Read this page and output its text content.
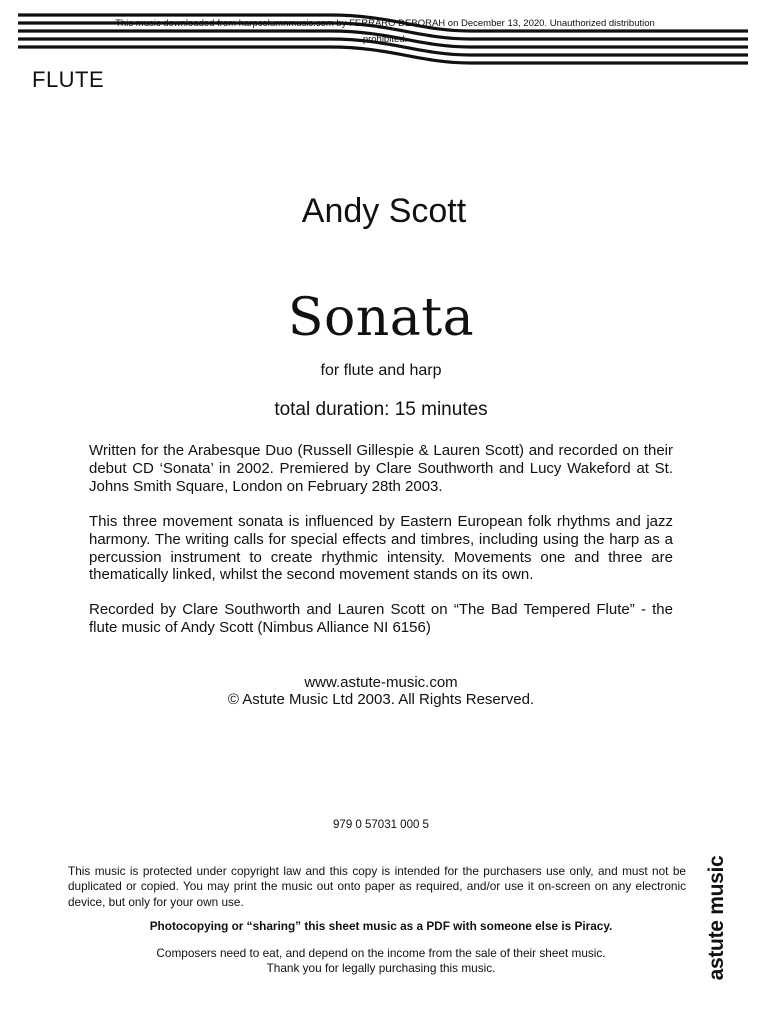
This music downloaded from harpcolumnmusic.com by FERRARO DEBORAH on December 13, 2020. Unauthorized distribution
prohibited.
FLUTE
Andy Scott
Sonata
for flute and harp
total duration: 15 minutes
Written for the Arabesque Duo (Russell Gillespie & Lauren Scott) and recorded on their debut CD ‘Sonata’ in 2002. Premiered by Clare Southworth and Lucy Wakeford at St. Johns Smith Square, London on February 28th 2003.
This three movement sonata is influenced by Eastern European folk rhythms and jazz harmony. The writing calls for special effects and timbres, including using the harp as a percussion instrument to create rhythmic intensity. Movements one and three are thematically linked, whilst the second movement stands on its own.
Recorded by Clare Southworth and Lauren Scott on “The Bad Tempered Flute” - the flute music of Andy Scott (Nimbus Alliance NI 6156)
www.astute-music.com
© Astute Music Ltd 2003. All Rights Reserved.
979 0 57031 000 5
This music is protected under copyright law and this copy is intended for the purchasers use only, and must not be duplicated or copied. You may print the music out onto paper as required, and/or use it on-screen on any electronic device, but only for your own use.
Photocopying or “sharing” this sheet music as a PDF with someone else is Piracy.
Composers need to eat, and depend on the income from the sale of their sheet music.
Thank you for legally purchasing this music.	astute music
